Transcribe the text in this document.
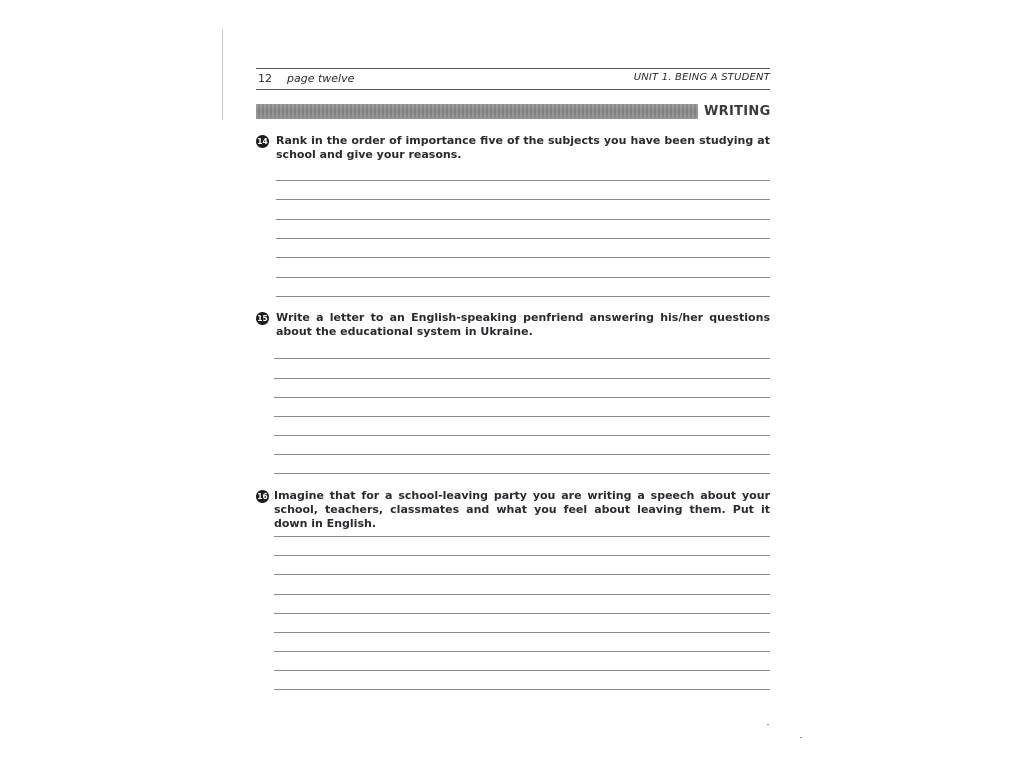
12 page twelve	UNIT 1. BEING A STUDENT
WRITING
14 Rank in the order of importance five of the subjects you have been studying at school and give your reasons.
15 Write a letter to an English-speaking penfriend answering his/her questions about the educational system in Ukraine.
16 Imagine that for a school-leaving party you are writing a speech about your school, teachers, classmates and what you feel about leaving them. Put it down in English.
